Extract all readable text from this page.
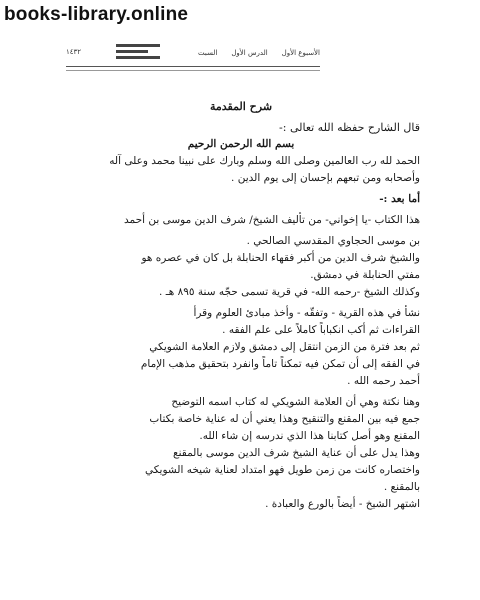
books-library.online
١٤٣٢	الأسبوع الأول
الدرس الأول
السبت
شرح المقدمة
قال الشارح حفظه الله تعالى :-
بسم الله الرحمن الرحيم
الحمد لله رب العالمين وصلى الله وسلم وبارك على نبينا محمد وعلى آله
وأصحابه ومن تبعهم بإحسان إلى يوم الدين .
أما بعد :-
هذا الكتاب -يا إخواني- من تأليف الشيخ/ شرف الدين موسى بن أحمد
بن موسى الحجاوي المقدسي الصالحي .
والشيخ شرف الدين من أكبر فقهاء الحنابلة بل كان في عصره هو
مفتي الحنابلة في دمشق.
وكذلك الشيخ -رحمه الله- في قرية تسمى حجّه سنة ٨٩٥ هـ .
نشأ في هذه القرية - وتفقّه - وأخذ مبادئ العلوم وقرأ
القراءات ثم أكب انكباباً كاملاً على علم الفقه .
ثم بعد فترة من الزمن انتقل إلى دمشق ولازم العلامة الشويكي
في الفقه إلى أن تمكن فيه تمكناً تاماً وانفرد بتحقيق مذهب الإمام
أحمد رحمه الله .
وهنا نكتة وهي أن العلامة الشويكي له كتاب اسمه التوضيح
جمع فيه بين المقنع والتنقيح وهذا يعني أن له عناية خاصة بكتاب
المقنع وهو أصل كتابنا هذا الذي ندرسه إن شاء الله.
وهذا يدل على أن عناية الشيخ شرف الدين موسى بالمقنع
واختصاره كانت من زمن طويل فهو امتداد لعناية شيخه الشويكي
بالمقنع .
اشتهر الشيخ - أيضاً بالورع والعبادة .
